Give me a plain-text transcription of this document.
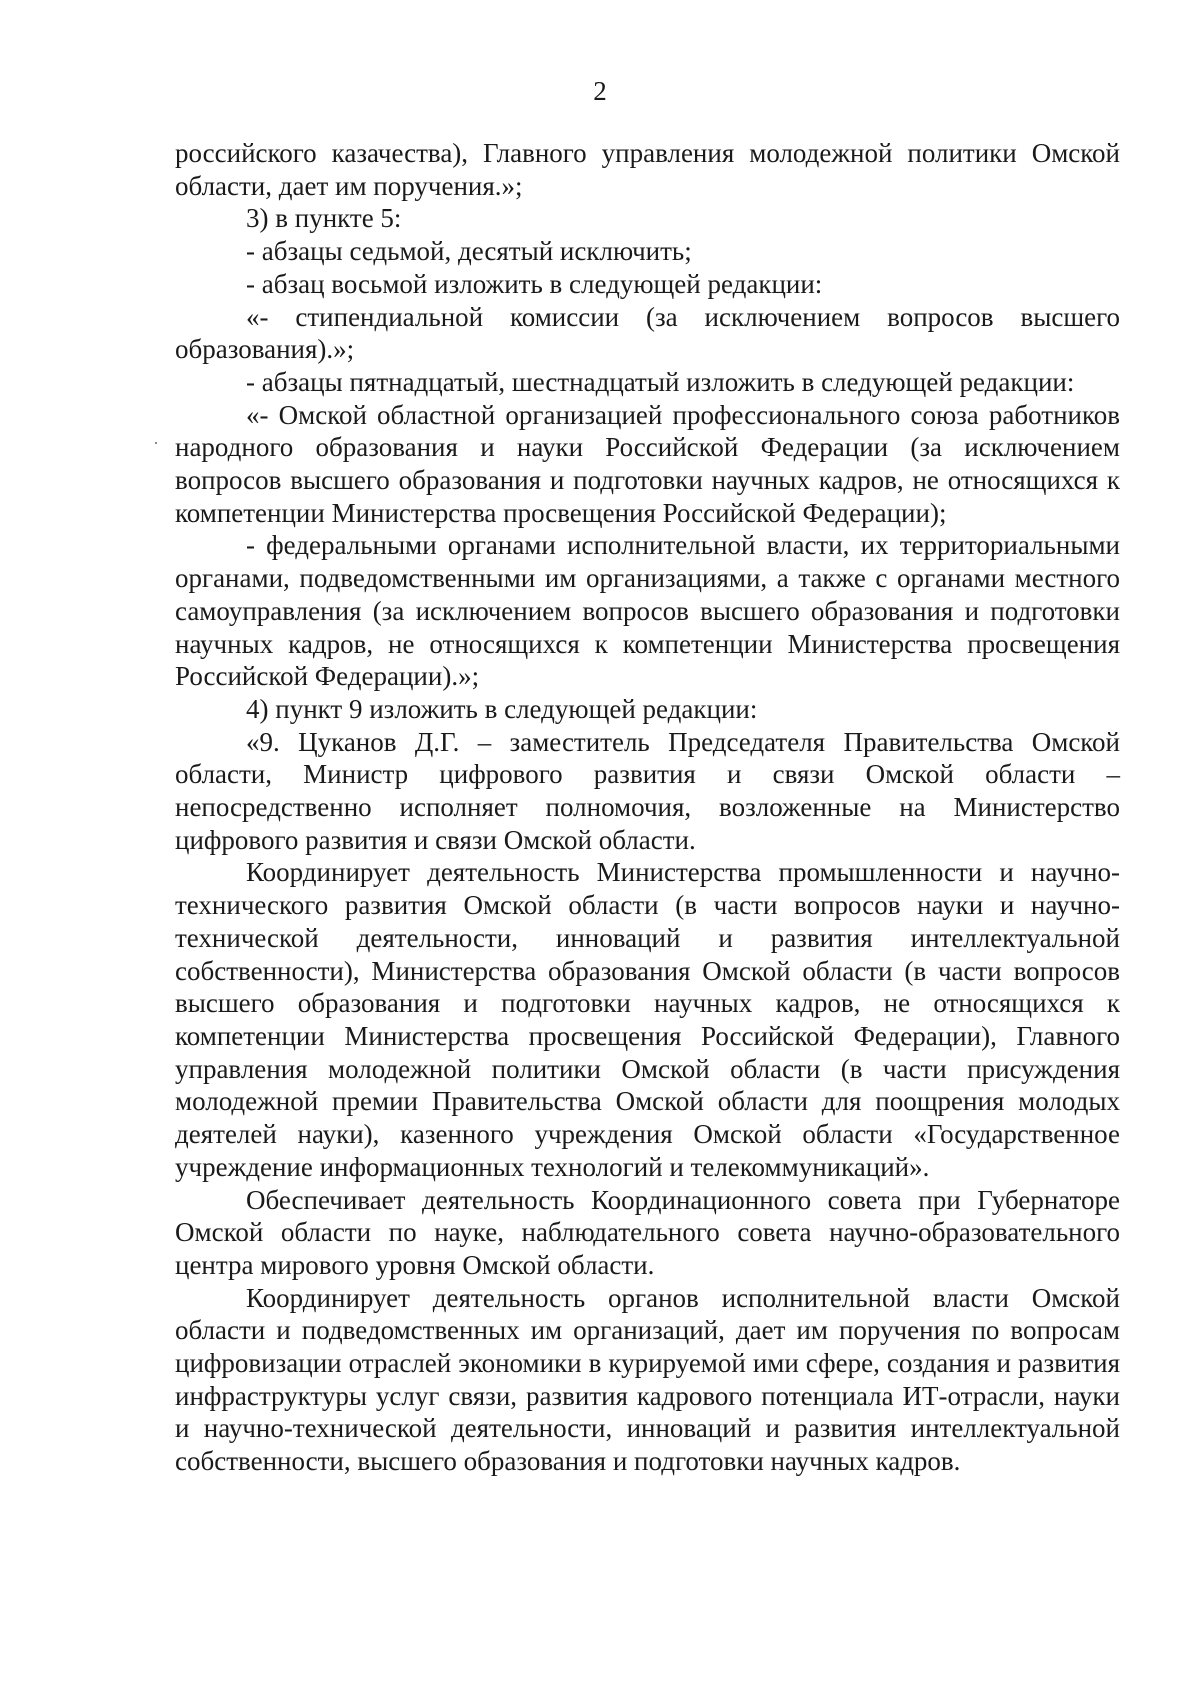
2

российского казачества), Главного управления молодежной политики Омской области, дает им поручения.»;

3) в пункте 5:

- абзацы седьмой, десятый исключить;

- абзац восьмой изложить в следующей редакции:

«- стипендиальной комиссии (за исключением вопросов высшего образования).»;

- абзацы пятнадцатый, шестнадцатый изложить в следующей редакции:

«- Омской областной организацией профессионального союза работников народного образования и науки Российской Федерации (за исключением вопросов высшего образования и подготовки научных кадров, не относящихся к компетенции Министерства просвещения Российской Федерации);

- федеральными органами исполнительной власти, их территориальными органами, подведомственными им организациями, а также с органами местного самоуправления (за исключением вопросов высшего образования и подготовки научных кадров, не относящихся к компетенции Министерства просвещения Российской Федерации).»;

4) пункт 9 изложить в следующей редакции:

«9. Цуканов Д.Г. – заместитель Председателя Правительства Омской области, Министр цифрового развития и связи Омской области – непосредственно исполняет полномочия, возложенные на Министерство цифрового развития и связи Омской области.

Координирует деятельность Министерства промышленности и научно-технического развития Омской области (в части вопросов науки и научно-технической деятельности, инноваций и развития интеллектуальной собственности), Министерства образования Омской области (в части вопросов высшего образования и подготовки научных кадров, не относящихся к компетенции Министерства просвещения Российской Федерации), Главного управления молодежной политики Омской области (в части присуждения молодежной премии Правительства Омской области для поощрения молодых деятелей науки), казенного учреждения Омской области «Государственное учреждение информационных технологий и телекоммуникаций».

Обеспечивает деятельность Координационного совета при Губернаторе Омской области по науке, наблюдательного совета научно-образовательного центра мирового уровня Омской области.

Координирует деятельность органов исполнительной власти Омской области и подведомственных им организаций, дает им поручения по вопросам цифровизации отраслей экономики в курируемой ими сфере, создания и развития инфраструктуры услуг связи, развития кадрового потенциала ИТ-отрасли, науки и научно-технической деятельности, инноваций и развития интеллектуальной собственности, высшего образования и подготовки научных кадров.
